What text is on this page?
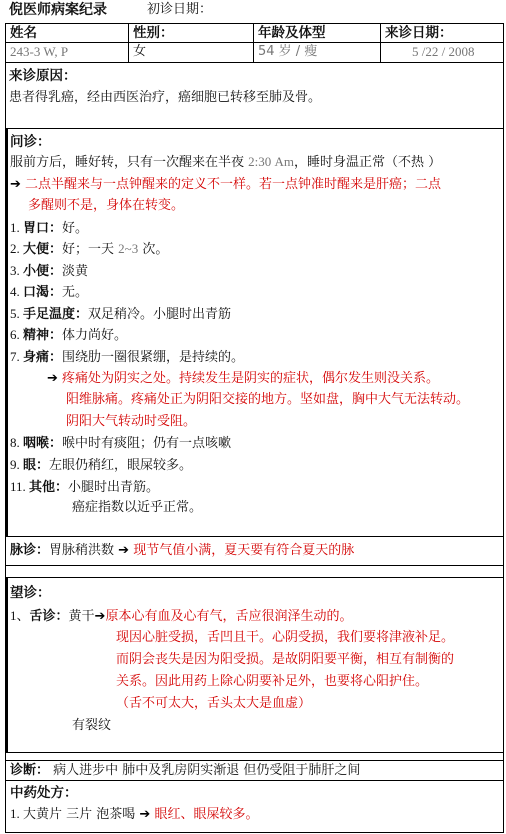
倪医师病案纪录	初诊日期：
姓名	性别：	年龄及体型	来诊日期：
243-3 W, P	女	54 岁 / 瘦	5 /22 / 2008
来诊原因：
患者得乳癌，经由西医治疗，癌细胞已转移至肺及骨。
问诊：
服前方后，睡好转，只有一次醒来在半夜 2:30 Am，睡时身温正常（不热 ）
➔ 二点半醒来与一点钟醒来的定义不一样。若一点钟准时醒来是肝癌；二点
多醒则不是，身体在转变。
1. 胃口：好。
2. 大便：好；一天 2~3 次。
3. 小便：淡黄
4. 口渴：无。
5. 手足温度：双足稍冷。小腿时出青筋
6. 精神：体力尚好。
7. 身痛：围绕肋一圈很紧绷，是持续的。
➔ 疼痛处为阴实之处。持续发生是阴实的症状，偶尔发生则没关系。
阳维脉痛。疼痛处正为阴阳交接的地方。坚如盘，胸中大气无法转动。
阴阳大气转动时受阻。
8. 咽喉：喉中时有痰阻；仍有一点咳嗽
9. 眼：左眼仍稍红，眼屎较多。
11. 其他：小腿时出青筋。
癌症指数以近乎正常。
脉诊：胃脉稍洪数 ➔ 现节气值小满，夏天要有符合夏天的脉
望诊：
1、舌诊：黄干➔原本心有血及心有气，舌应很润泽生动的。
现因心脏受损，舌凹且干。心阴受损，我们要将津液补足。
而阴会丧失是因为阳受损。是故阴阳要平衡，相互有制衡的
关系。因此用药上除心阴要补足外，也要将心阳护住。
（舌不可太大，舌头太大是血虚）
有裂纹
诊断： 病人进步中 肺中及乳房阴实渐退 但仍受阻于肺肝之间
中药处方：
1. 大黄片 三片 泡茶喝 ➔ 眼红、眼屎较多。
